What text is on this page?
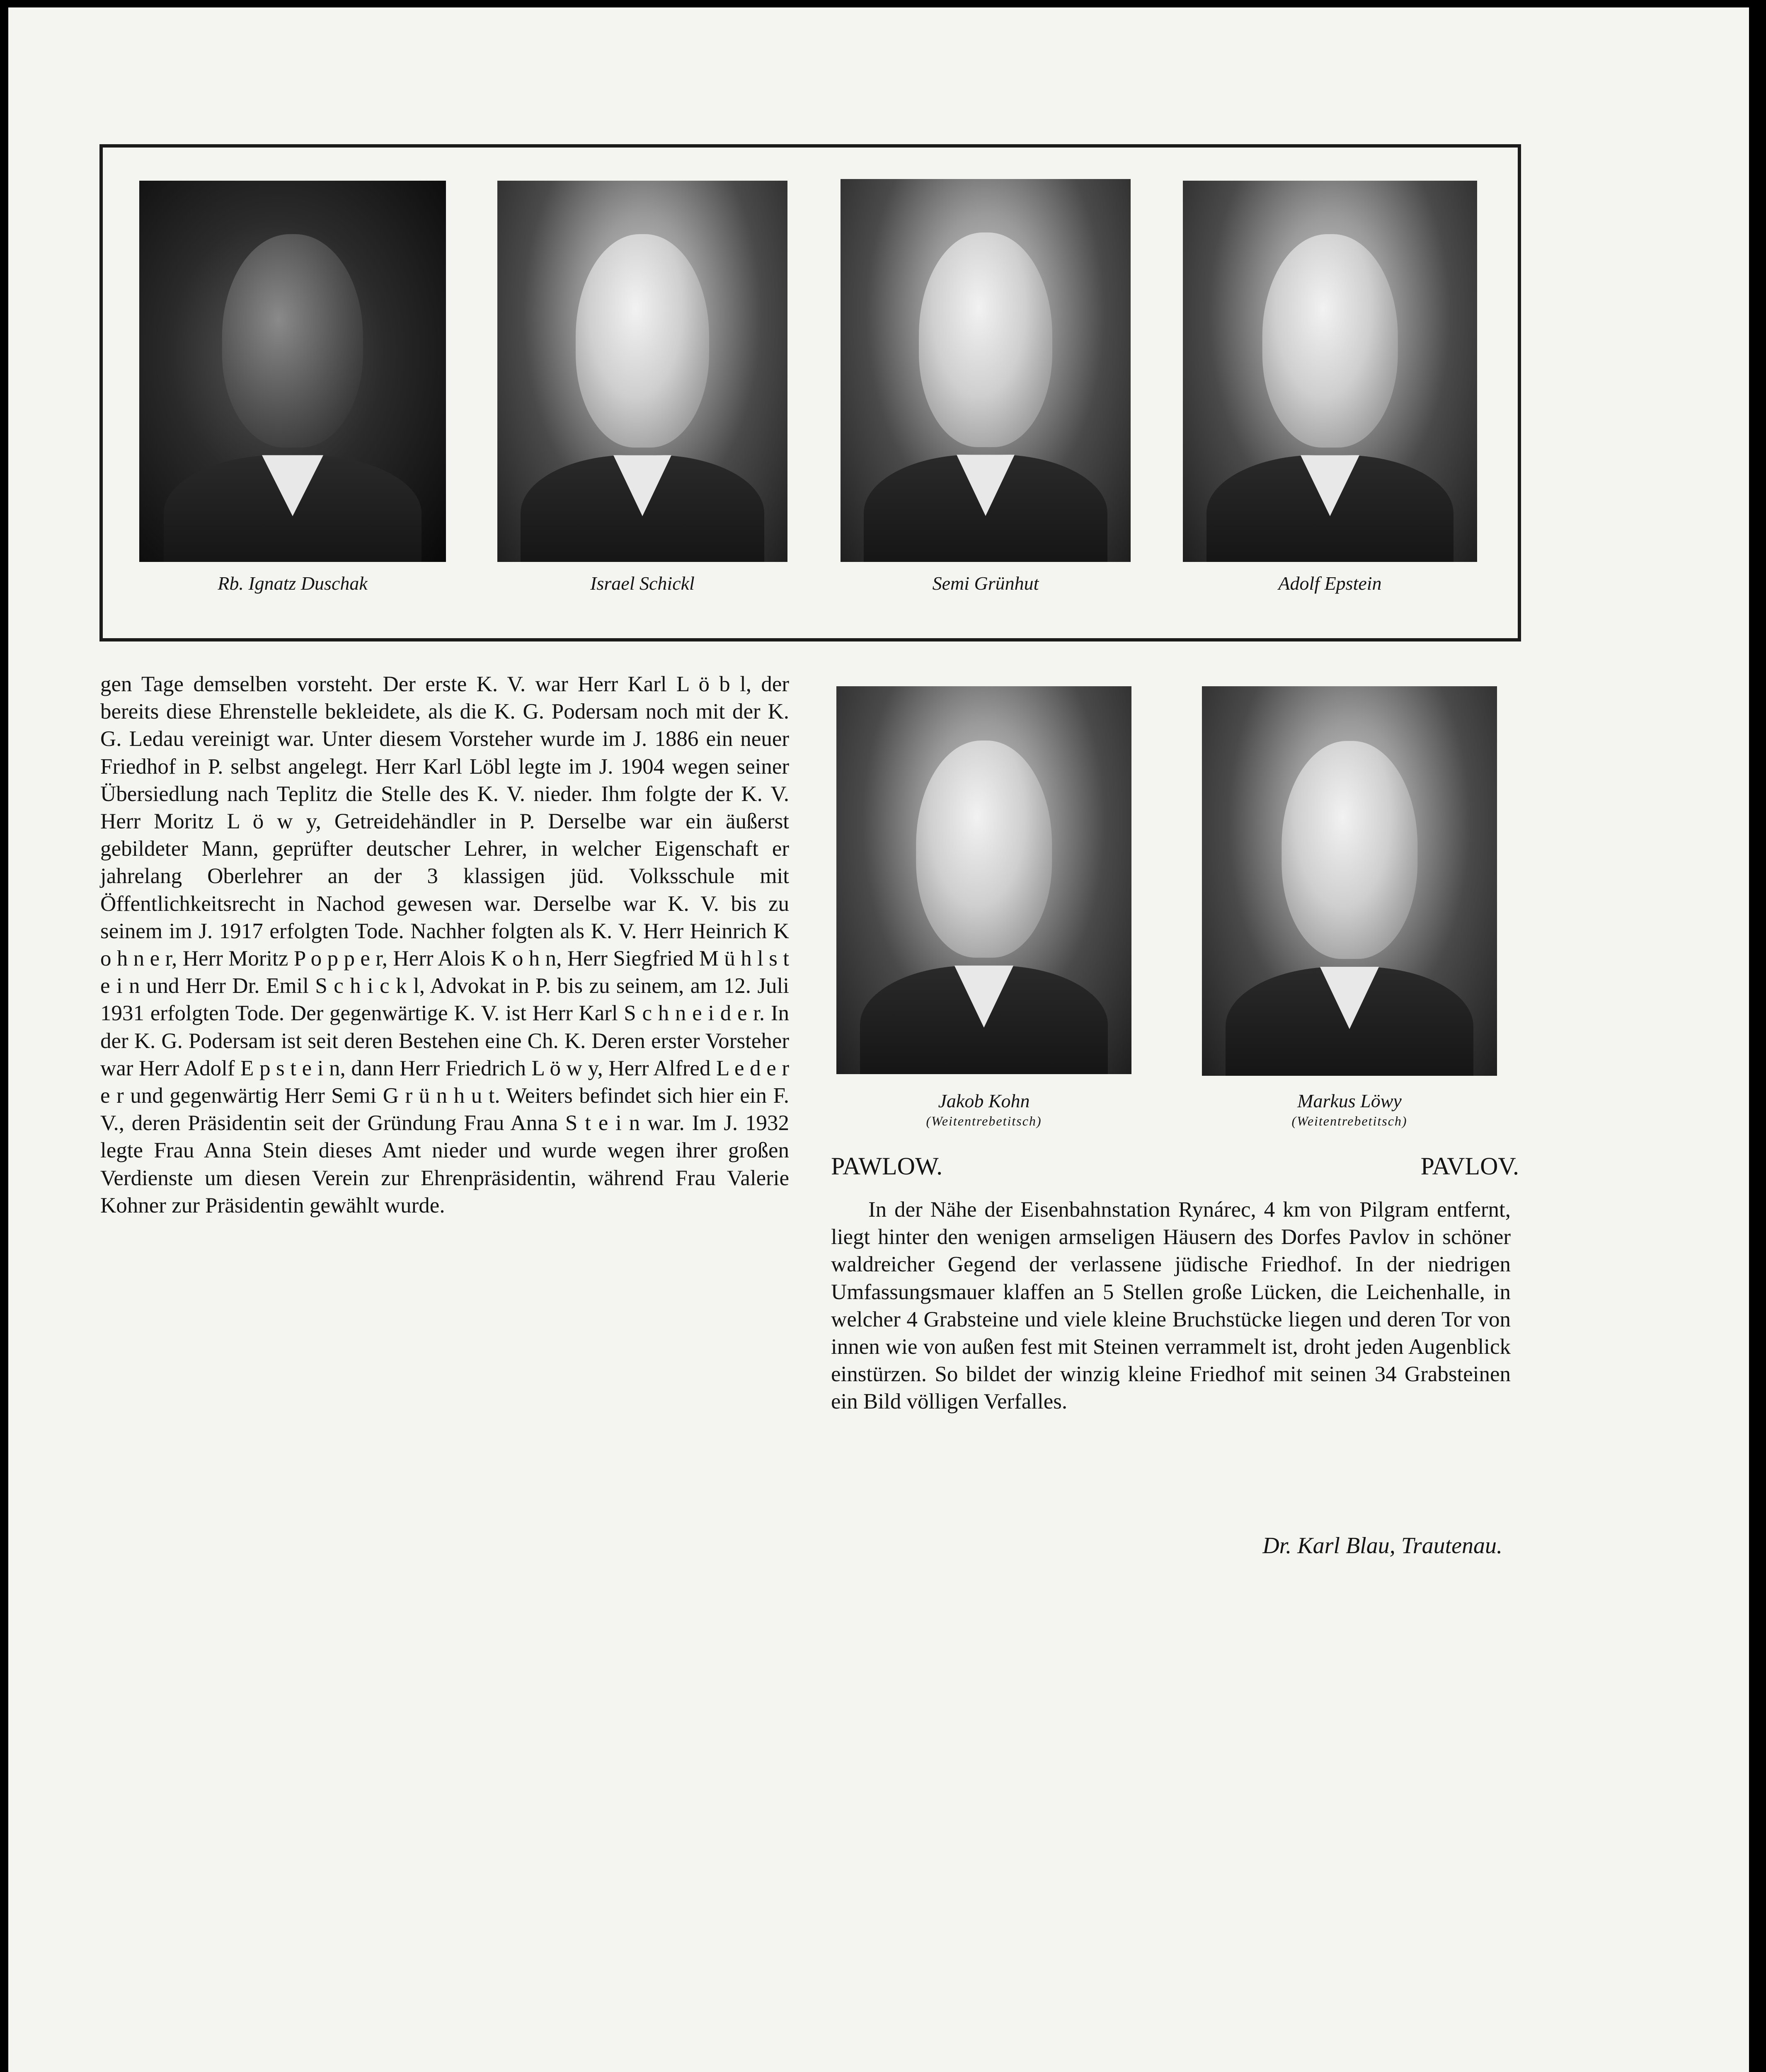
Rb. Ignatz Duschak	Israel Schickl	Semi Grünhut	Adolf Epstein

gen Tage demselben vorsteht. Der erste K. V. war Herr Karl L ö b l, der bereits diese Ehrenstelle bekleidete, als die K. G. Podersam noch mit der K. G. Ledau vereinigt war. Unter diesem Vorsteher wurde im J. 1886 ein neuer Friedhof in P. selbst angelegt. Herr Karl Löbl legte im J. 1904 wegen seiner Übersiedlung nach Teplitz die Stelle des K. V. nieder. Ihm folgte der K. V. Herr Moritz L ö w y, Getreidehändler in P. Derselbe war ein äußerst gebildeter Mann, geprüfter deutscher Lehrer, in welcher Eigenschaft er jahrelang Oberlehrer an der 3 klassigen jüd. Volksschule mit Öffentlichkeitsrecht in Nachod gewesen war. Derselbe war K. V. bis zu seinem im J. 1917 erfolgten Tode. Nachher folgten als K. V. Herr Heinrich K o h n e r, Herr Moritz P o p p e r, Herr Alois K o h n, Herr Siegfried M ü h l s t e i n und Herr Dr. Emil S c h i c k l, Advokat in P. bis zu seinem, am 12. Juli 1931 erfolgten Tode. Der gegenwärtige K. V. ist Herr Karl S c h n e i d e r. In der K. G. Podersam ist seit deren Bestehen eine Ch. K. Deren erster Vorsteher war Herr Adolf E p s t e i n, dann Herr Friedrich L ö w y, Herr Alfred L e d e r e r und gegenwärtig Herr Semi G r ü n h u t. Weiters befindet sich hier ein F. V., deren Präsidentin seit der Gründung Frau Anna S t e i n war. Im J. 1932 legte Frau Anna Stein dieses Amt nieder und wurde wegen ihrer großen Verdienste um diesen Verein zur Ehrenpräsidentin, während Frau Valerie Kohner zur Präsidentin gewählt wurde.

Jakob Kohn
(Weitentrebetitsch)
Markus Löwy
(Weitentrebetitsch)
PAWLOW.	PAVLOV.

In der Nähe der Eisenbahnstation Rynárec, 4 km von Pilgram entfernt, liegt hinter den wenigen armseligen Häusern des Dorfes Pavlov in schöner waldreicher Gegend der verlassene jüdische Friedhof. In der niedrigen Umfassungsmauer klaffen an 5 Stellen große Lücken, die Leichenhalle, in welcher 4 Grabsteine und viele kleine Bruchstücke liegen und deren Tor von innen wie von außen fest mit Steinen verrammelt ist, droht jeden Augenblick einstürzen. So bildet der winzig kleine Friedhof mit seinen 34 Grabsteinen ein Bild völligen Verfalles.

Dr. Karl Blau, Trautenau.
